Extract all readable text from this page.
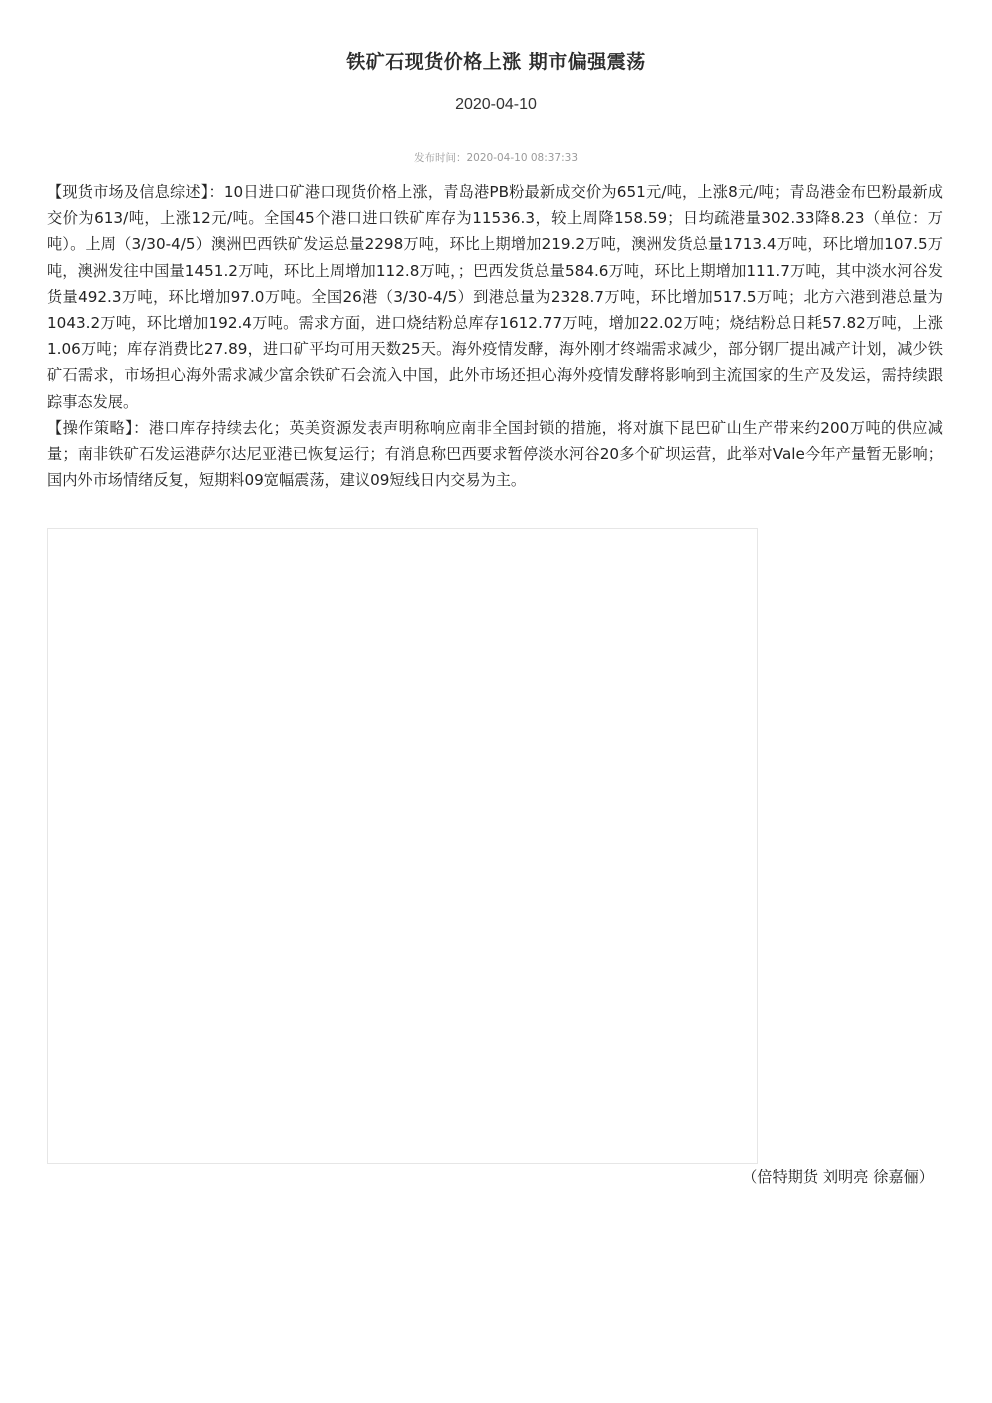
铁矿石现货价格上涨 期市偏强震荡
2020-04-10
发布时间：2020-04-10 08:37:33

【现货市场及信息综述】：10日进口矿港口现货价格上涨，青岛港PB粉最新成交价为651元/吨，上涨8元/吨；青岛港金布巴粉最新成交价为613/吨，上涨12元/吨。全国45个港口进口铁矿库存为11536.3，较上周降158.59；日均疏港量302.33降8.23（单位：万吨）。上周（3/30-4/5）澳洲巴西铁矿发运总量2298万吨，环比上期增加219.2万吨，澳洲发货总量1713.4万吨，环比增加107.5万吨，澳洲发往中国量1451.2万吨，环比上周增加112.8万吨，；巴西发货总量584.6万吨，环比上期增加111.7万吨，其中淡水河谷发货量492.3万吨，环比增加97.0万吨。全国26港（3/30-4/5）到港总量为2328.7万吨，环比增加517.5万吨；北方六港到港总量为1043.2万吨，环比增加192.4万吨。需求方面，进口烧结粉总库存1612.77万吨，增加22.02万吨；烧结粉总日耗57.82万吨，上涨1.06万吨；库存消费比27.89，进口矿平均可用天数25天。海外疫情发酵，海外刚才终端需求减少，部分钢厂提出减产计划，减少铁矿石需求，市场担心海外需求减少富余铁矿石会流入中国，此外市场还担心海外疫情发酵将影响到主流国家的生产及发运，需持续跟踪事态发展。

【操作策略】：港口库存持续去化；英美资源发表声明称响应南非全国封锁的措施，将对旗下昆巴矿山生产带来约200万吨的供应减量；南非铁矿石发运港萨尔达尼亚港已恢复运行；有消息称巴西要求暂停淡水河谷20多个矿坝运营，此举对Vale今年产量暂无影响；国内外市场情绪反复，短期料09宽幅震荡，建议09短线日内交易为主。

（倍特期货 刘明亮 徐嘉俪）
